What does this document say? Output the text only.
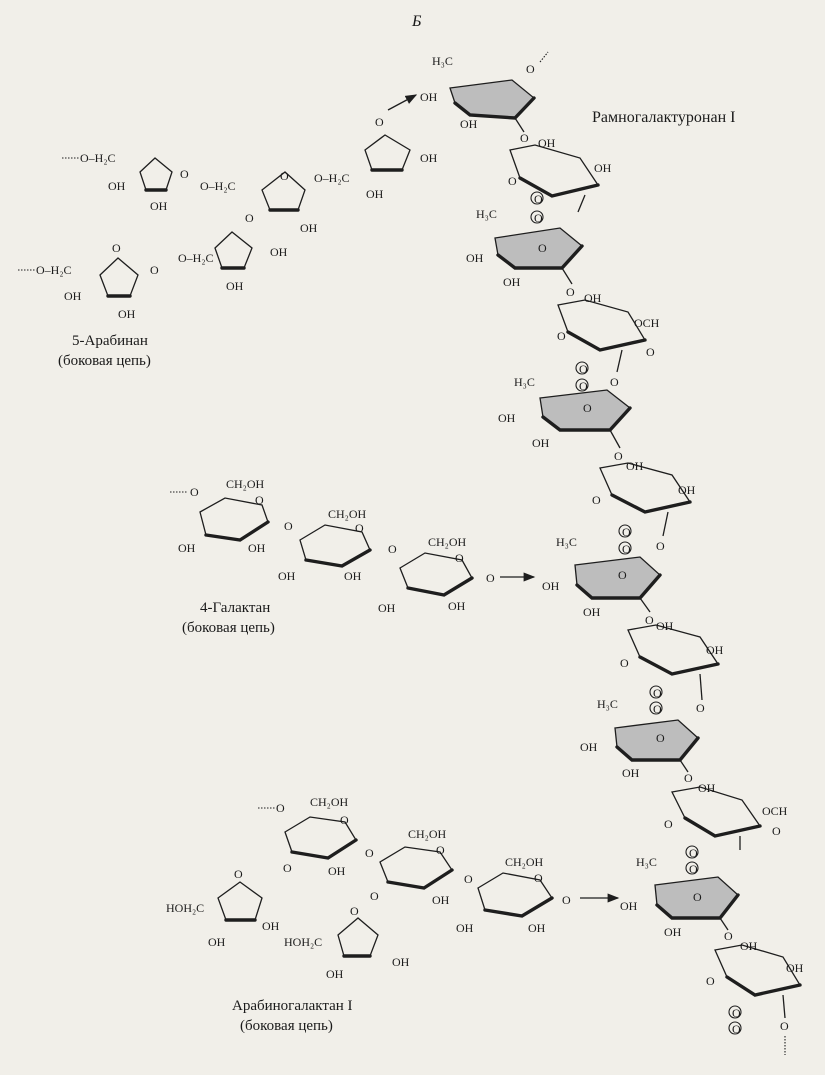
Б
Рамногалактуронан I
H₃C
O
OH
OH
O OH
OH
O
O
O
H₃C
O
OH
OH
O OH
OCH
O
O
O
O O
H₃C
O
OH
OH
O
OH
OH
O
O
O O
H₃C
O
OH
OH
O OH
OH
O
O
O	O
H₃C
O
OH
OH	O
OH
OCH
O
O
O
O
H₃C
O
OH
OH	O
OH
OH
O
O
O	O
O–H₂C
OH
OH
O
O–H₂C
O
OH
O–H₂C
O
OH
OH
O
OH
OH
O–H₂C
O–H₂C
O
O
OH
OH
5-Арабинан
(боковая цепь)
O
CH₂OH
O
OH	OH
O
CH₂OH
O
OH	OH
O	CH₂OH
O
OH	OH
O
4-Галактан
(боковая цепь)
O CH₂OH
O
O	OH
O
HOH₂C
O
OH
OH
CH₂OH
O
O	OH
O
HOH₂C
O
OH
OH
CH₂OH
O
OH	OH
O
Арабиногалактан I
(боковая цепь)
